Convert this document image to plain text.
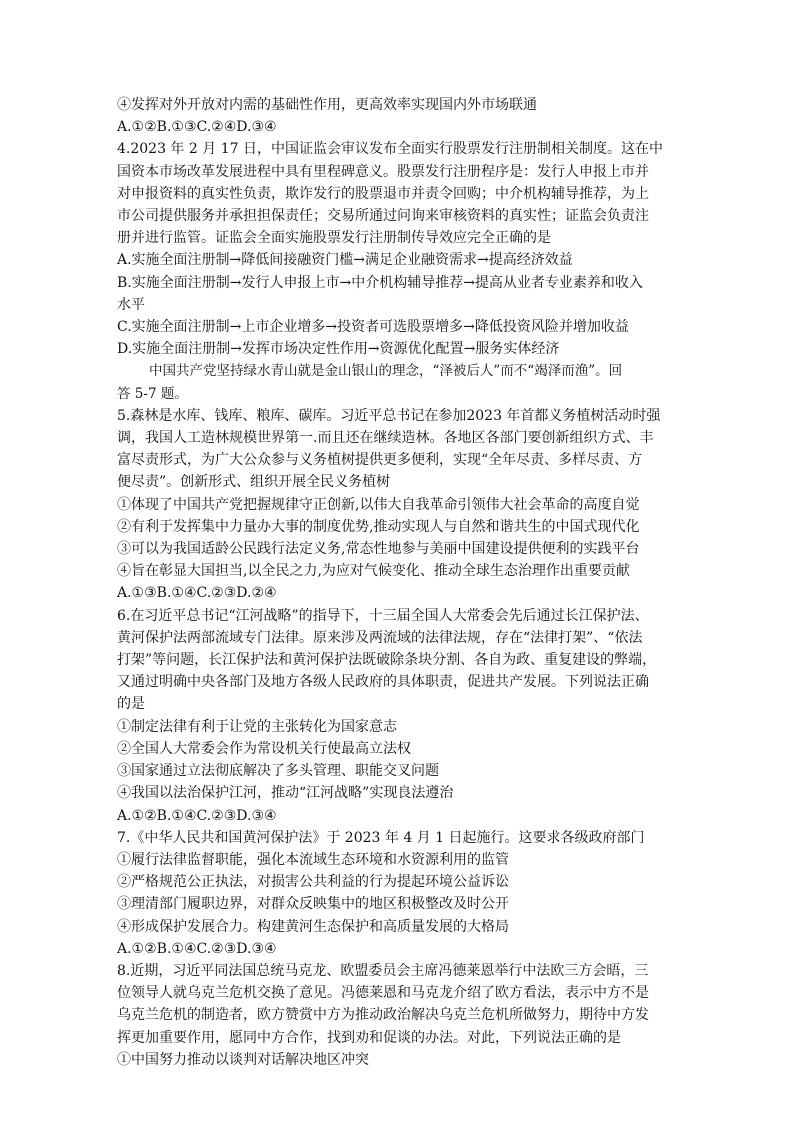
④发挥对外开放对内需的基础性作用，更高效率实现国内外市场联通
A.①②B.①③C.②④D.③④
4.2023 年 2 月 17 日，中国证监会审议发布全面实行股票发行注册制相关制度。这在中
国资本市场改革发展进程中具有里程碑意义。股票发行注册程序是：发行人申报上市并
对申报资料的真实性负责，欺诈发行的股票退市并责令回购；中介机构辅导推荐，为上
市公司提供服务并承担担保责任；交易所通过问询来审核资料的真实性；证监会负责注
册并进行监管。证监会全面实施股票发行注册制传导效应完全正确的是
A.实施全面注册制→降低间接融资门槛→满足企业融资需求→提高经济效益
B.实施全面注册制→发行人申报上市→中介机构辅导推荐→提高从业者专业素养和收入
水平
C.实施全面注册制→上市企业增多→投资者可选股票增多→降低投资风险并增加收益
D.实施全面注册制→发挥市场决定性作用→资源优化配置→服务实体经济
中国共产党坚持绿水青山就是金山银山的理念，“泽被后人”而不“竭泽而渔”。回
答 5-7 题。
5.森林是水库、钱库、粮库、碳库。习近平总书记在参加2023 年首都义务植树活动时强
调，我国人工造林规模世界第一.而且还在继续造林。各地区各部门要创新组织方式、丰
富尽责形式，为广大公众参与义务植树提供更多便利，实现“全年尽责、多样尽责、方
便尽责”。创新形式、组织开展全民义务植树
①体现了中国共产党把握规律守正创新,以伟大自我革命引领伟大社会革命的高度自觉
②有利于发挥集中力量办大事的制度优势,推动实现人与自然和谐共生的中国式现代化
③可以为我国适龄公民践行法定义务,常态性地参与美丽中国建设提供便利的实践平台
④旨在彰显大国担当,以全民之力,为应对气候变化、推动全球生态治理作出重要贡献
A.①③B.①④C.②③D.②④
6.在习近平总书记“江河战略”的指导下，十三届全国人大常委会先后通过长江保护法、
黄河保护法两部流域专门法律。原来涉及两流域的法律法规，存在“法律打架”、“依法
打架”等问题，长江保护法和黄河保护法既破除条块分割、各自为政、重复建设的弊端，
又通过明确中央各部门及地方各级人民政府的具体职责，促进共产发展。下列说法正确
的是
①制定法律有利于让党的主张转化为国家意志
②全国人大常委会作为常设机关行使最高立法权
③国家通过立法彻底解决了多头管理、职能交叉问题
④我国以法治保护江河，推动“江河战略”实现良法遵治
A.①②B.①④C.②③D.③④
7.《中华人民共和国黄河保护法》于 2023 年 4 月 1 日起施行。这要求各级政府部门
①履行法律监督职能，强化本流域生态环境和水资源利用的监管
②严格规范公正执法，对损害公共利益的行为提起环境公益诉讼
③理清部门履职边界，对群众反映集中的地区积极整改及时公开
④形成保护发展合力。构建黄河生态保护和高质量发展的大格局
A.①②B.①④C.②③D.③④
8.近期，习近平同法国总统马克龙、欧盟委员会主席冯德莱恩举行中法欧三方会晤，三
位领导人就乌克兰危机交换了意见。冯德莱恩和马克龙介绍了欧方看法，表示中方不是
乌克兰危机的制造者，欧方赞赏中方为推动政治解决乌克兰危机所做努力，期待中方发
挥更加重要作用，愿同中方合作，找到劝和促谈的办法。对此，下列说法正确的是
①中国努力推动以谈判对话解决地区冲突
